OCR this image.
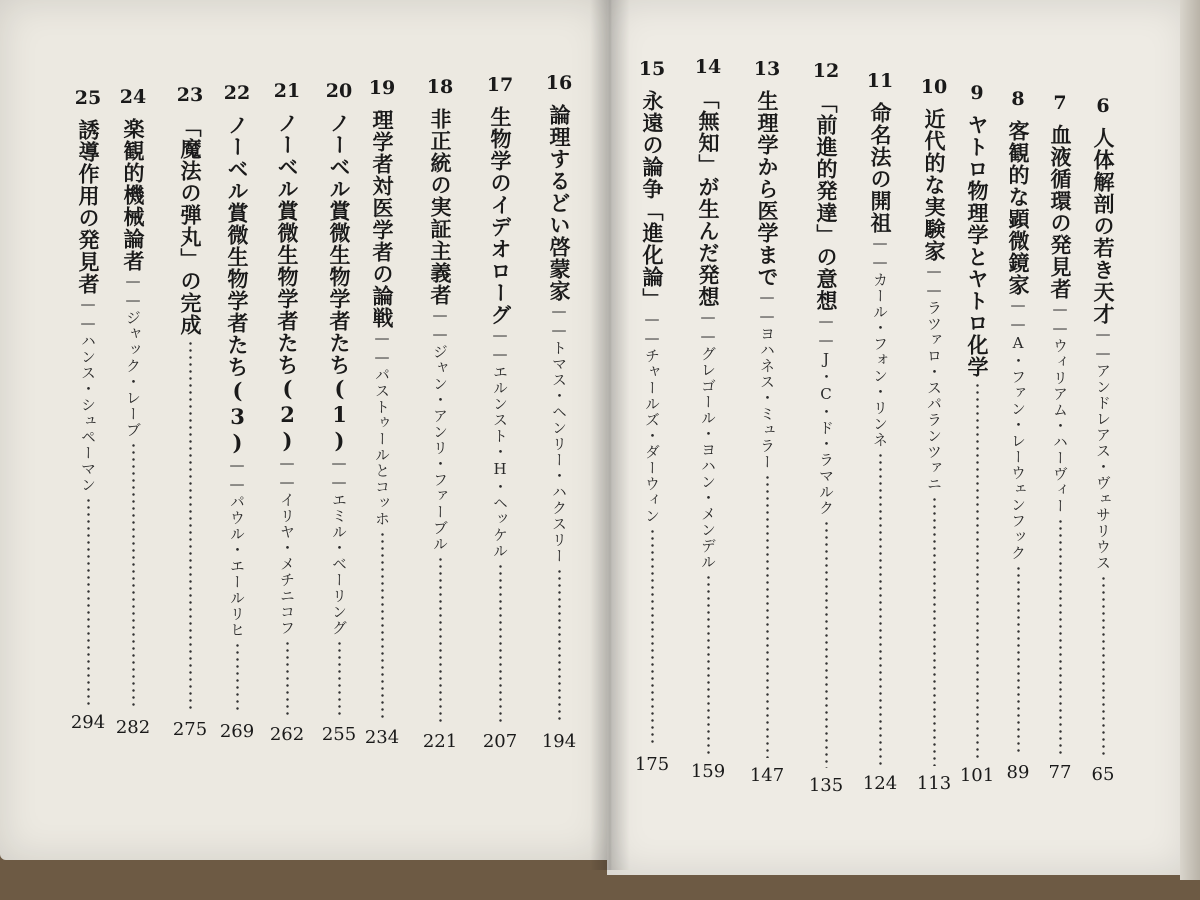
6
人体解剖の若き天才
——
アンドレアス・ヴェサリウス
65
7
血液循環の発見者
——
ウィリアム・ハーヴィー
77
8
客観的な顕微鏡家
——
A・ファン・レーウェンフック
89
9
ヤトロ物理学とヤトロ化学
101
10
近代的な実験家
——
ラツァロ・スパランツァニ
113
11
命名法の開祖
——
カール・フォン・リンネ
124
12
「前進的発達」の意想
——
J・C・ド・ラマルク
135
13
生理学から医学まで
——
ヨハネス・ミュラー
147
14
「無知」が生んだ発想
——
グレゴール・ヨハン・メンデル
159
15
永遠の論争「進化論」
——
チャールズ・ダーウィン
175
16
論理するどい啓蒙家
——
トマス・ヘンリー・ハクスリー
194
17
生物学のイデオローグ
——
エルンスト・H・ヘッケル
207
18
非正統の実証主義者
——
ジャン・アンリ・ファーブル
221
19
理学者対医学者の論戦
——
パストゥールとコッホ
234
20
ノーベル賞微生物学者たち(1)
——
エミル・ベーリング
255
21
ノーベル賞微生物学者たち(2)
——
イリヤ・メチニコフ
262
22
ノーベル賞微生物学者たち(3)
——
パウル・エールリヒ
269
23
「魔法の弾丸」の完成
275
24
楽観的機械論者
——
ジャック・レーブ
282
25
誘導作用の発見者
——
ハンス・シュペーマン
294
